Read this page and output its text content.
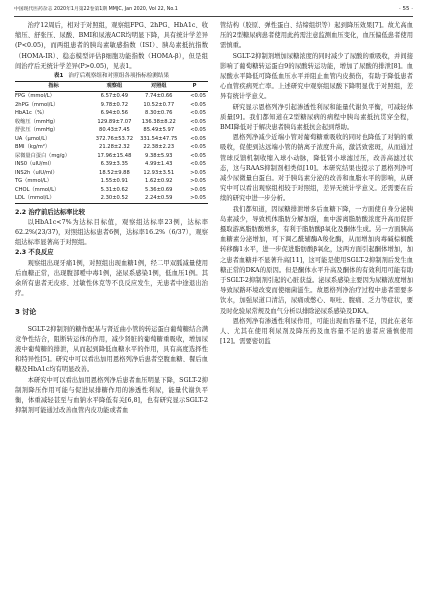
中国现代医药杂志 2020年1月第22卷第1期 MMJC, Jan 2020, Vol 22, No.1	· 55 ·

治疗12周后，相对于对照组，观察组FPG、2hPG、HbA1c、收缩压、舒张压、尿酸、BMI和尿液ACR均明显下降，具有统计学差异(P<0.05)，而两组患者的胰岛素敏感指数（ISI）、胰岛素抵抗指数（HOMA-IR）、稳态模型评估β细胞功能指数（HOMA-β），但是组间治疗后无统计学差异(P>0.05)，见表1。

表1 治疗后观察组和对照组各项指标检测结果
指标	观察组	对照组	P
FPG（mmol/L）	6.57±0.49	7.74±0.66	<0.05
2hPG（mmol/L）	9.78±0.72	10.52±0.77	<0.05
HbA1c（%）	6.94±0.56	8.30±0.76	<0.05
收缩压（mmHg）	129.89±7.07	136.38±8.22	<0.05
舒张压（mmHg）	80.43±7.45	85.49±5.97	<0.05
UA（μmol/L）	372.76±53.72	331.54±47.75	<0.05
BMI（kg/m²）	21.28±2.32	22.38±2.23	<0.05
尿微量白蛋白（mg/g）	17.96±15.48	9.38±5.93	<0.05
INS0（uIU/ml）	6.39±3.35	4.99±1.43	<0.05
INS2h（uIU/ml）	18.52±9.88	12.93±3.51	>0.05
TG（mmol/L）	1.55±0.91	1.62±0.92	>0.05
CHOL（mmol/L）	5.31±0.62	5.36±0.69	>0.05
LDL（mmol/L）	2.30±0.52	2.24±0.59	>0.05

2.2 治疗前后达标率比较

以HbA1c<7%为达标目标值，观察组达标率23例，达标率62.2%(23/37)，对照组达标患者6例，达标率16.2%（6/37），观察组达标率显著高于对照组。

2.3 不良反应

观察组出现牙痛1例，对照组出现血糖1例，经二甲双胍减量使用后血糖正常，出现腹部嗳中毒1例，泌尿系感染1例，低血压1例。其余所有患者无皮疹、过敏性休克等不良反应发生，无患者中途退出治疗。

3 讨论

SGLT-2抑制剂的糖作配基与肾近曲小管的转运蛋白葡萄糖结合满竞争性结合，阻断转运体的作用，减少肾脏的葡萄糖重吸收，增加尿液中葡萄糖的排泄，从而起到降低血糖水平的作用，具有高度选择性和特异性[5]。研究中可以看出加用恩格列净后患者空腹血糖、餐后血糖及HbA1c均有明显改善。

本研究中可以看出加用恩格列净后患者血压明显下降，SGLT-2抑制剂降压作用可能与促进尿排糖作用的渗透性利尿，能量代谢负平衡，体重减轻甚至与血钠水平降低有关[6,8]，也有研究显示SGLT-2抑制剂可能通过改善血管内皮功能或者血

管结构（胶原、弹性蛋白、结缔组织等）起到降压效果[7]。故尤高血压的2型糖尿病患者使用此药需注意监测血压变化，血压偏低患者使用需慎重。

SGLT-2抑制剂增加尿糖浓度的同时减少了尿酸的重吸收，并间接影响了葡萄糖转运蛋白9的尿酸转运功能，增加了尿酸的排泄[8]。血尿酸水平降低可降低血压水平并阻止血管内皮损伤，有助于降低患者心血管疾病死亡率。上述研究中观察组尿酸下降明显优于对照组，差异有统计学意义。

研究显示恩格列净引起渗透性利尿和能量代谢负平衡，可减轻体质量[9]。我们都知道在2型糖尿病的病程中胰岛素抵抗贯穿全程，BMI降低对于解决患者胰岛素抵抗会起到帮助。

恩格列净减少近端小管对葡萄糖重吸收的同时也降低了对钠的重吸收，促使到达远端小管的钠离子浓度升高，激活致密斑，从而通过管球反馈机制收缩入球小动脉，降低肾小球滤过压，改善高滤过状态，这与RAAS抑制剂相类似[10]。本研究结果也提示了恩格列净可减少尿微量白蛋白。对于胰岛素分泌的改善和血脂水平的影响，从研究中可以看出观察组相较于对照组，差异无统计学意义。还需要在后续的研究中进一步分析。

我们都知道，因尿糖排泄增多后血糖下降，一方面使自身分泌胰岛素减少，导致机体脂肪分解加强，血中游离脂肪酸浓度升高而促肝摄取游离脂肪酸增多，有利于脂肪酸β氧化及酮体生成。另一方面胰高血糖素分泌增加，可下调乙酰辅酶A羧化酶，从而增加肉毒碱棕榈酰转移酶1水平，进一步促进脂肪酸β氧化，这两方面引起酮体增加，加之患者血糖并不显著升高[11]，这可能是使用SGLT-2抑制剂后发生血糖正常的DKA的原因。但是酮体水平升高及酮体的有效利用可能有助于SGLT-2抑制剂引起的心脏获益。泌尿系感染主要因为尿糖浓度增加导致尿路环境改变而使细菌滋生。故恩格列净治疗过程中患者需要多饮水，加强尿道口清洁，尿痛或憋心、呕吐、腹痛、乏力等症状，要及时化验尿常规及血气分析以排除泌尿系感染及DKA。

恩格列净有渗透性利尿作用，可能出现血容量不足，因此在老年人、尤其在使用利尿剂及降压药及血容量不足的患者应谨慎使用[12]。需要密切监
